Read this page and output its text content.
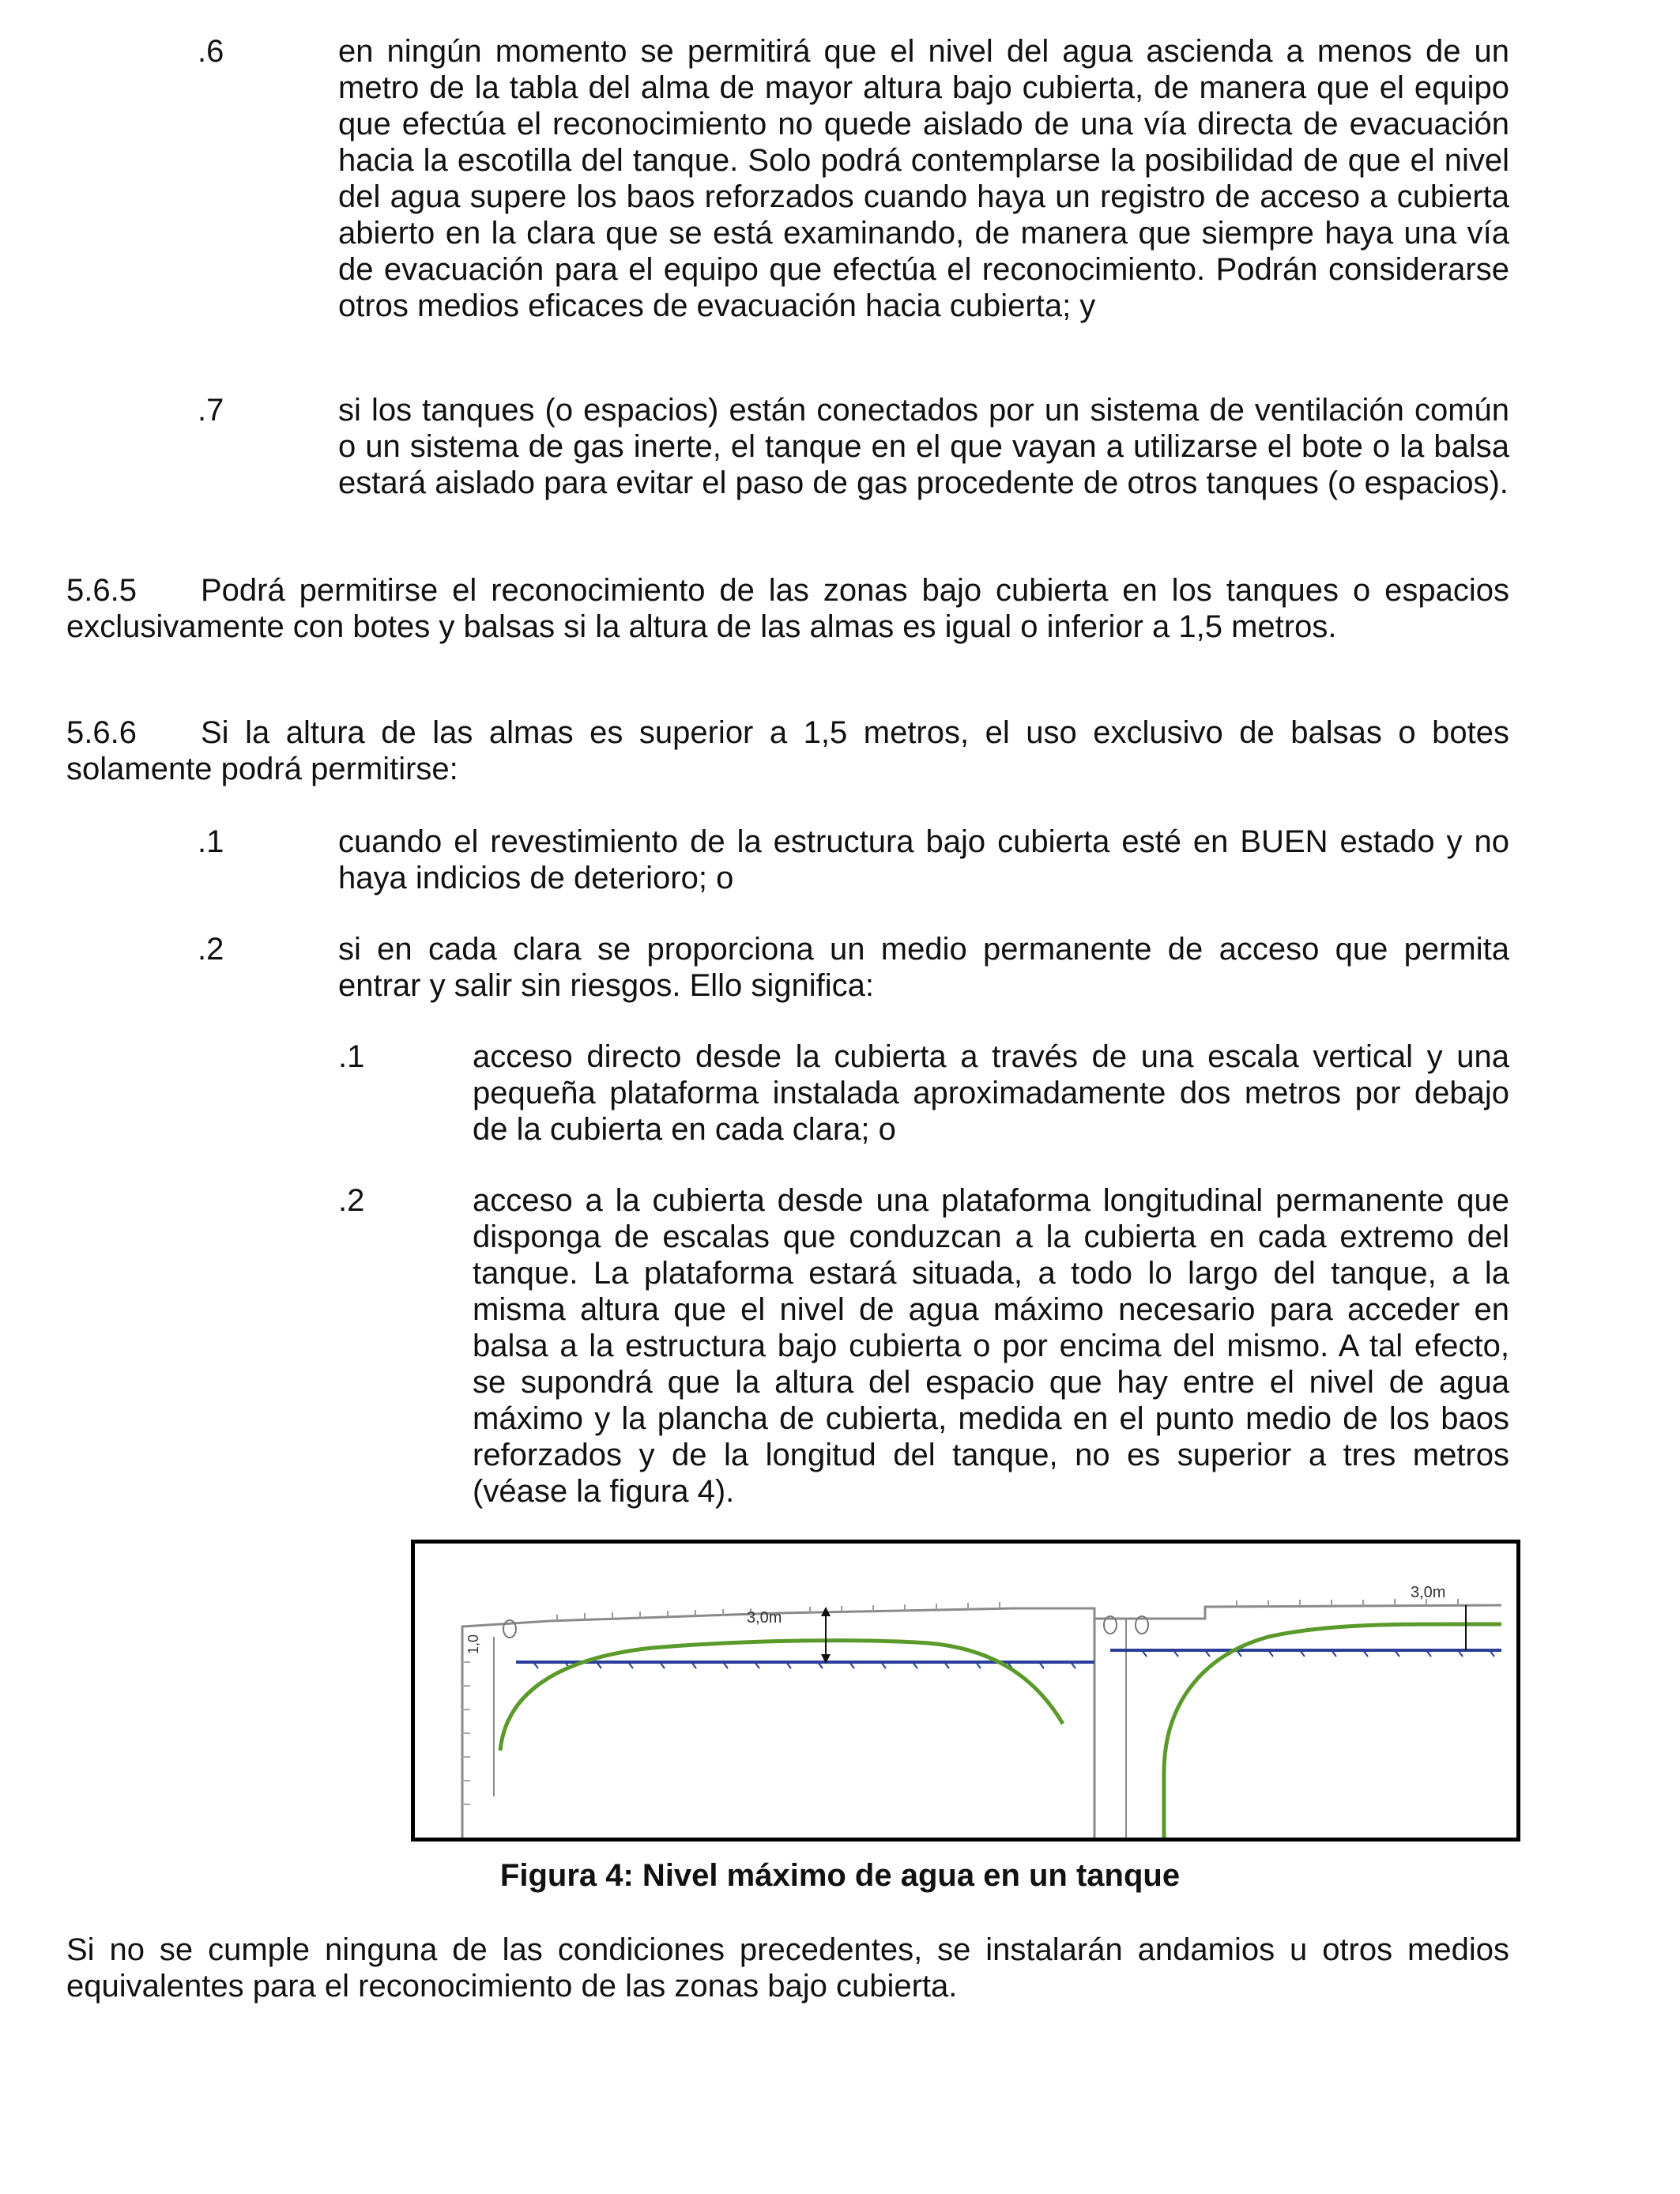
.6	en ningún momento se permitirá que el nivel del agua ascienda a menos de un metro de la tabla del alma de mayor altura bajo cubierta, de manera que el equipo que efectúa el reconocimiento no quede aislado de una vía directa de evacuación hacia la escotilla del tanque. Solo podrá contemplarse la posibilidad de que el nivel del agua supere los baos reforzados cuando haya un registro de acceso a cubierta abierto en la clara que se está examinando, de manera que siempre haya una vía de evacuación para el equipo que efectúa el reconocimiento. Podrán considerarse otros medios eficaces de evacuación hacia cubierta; y

.7	si los tanques (o espacios) están conectados por un sistema de ventilación común o un sistema de gas inerte, el tanque en el que vayan a utilizarse el bote o la balsa estará aislado para evitar el paso de gas procedente de otros tanques (o espacios).

5.6.5 Podrá permitirse el reconocimiento de las zonas bajo cubierta en los tanques o espacios exclusivamente con botes y balsas si la altura de las almas es igual o inferior a 1,5 metros.

5.6.6 Si la altura de las almas es superior a 1,5 metros, el uso exclusivo de balsas o botes solamente podrá permitirse:

.1	cuando el revestimiento de la estructura bajo cubierta esté en BUEN estado y no haya indicios de deterioro; o

.2	si en cada clara se proporciona un medio permanente de acceso que permita entrar y salir sin riesgos. Ello significa:

.1	acceso directo desde la cubierta a través de una escala vertical y una pequeña plataforma instalada aproximadamente dos metros por debajo de la cubierta en cada clara; o

.2	acceso a la cubierta desde una plataforma longitudinal permanente que disponga de escalas que conduzcan a la cubierta en cada extremo del tanque. La plataforma estará situada, a todo lo largo del tanque, a la misma altura que el nivel de agua máximo necesario para acceder en balsa a la estructura bajo cubierta o por encima del mismo. A tal efecto, se supondrá que la altura del espacio que hay entre el nivel de agua máximo y la plancha de cubierta, medida en el punto medio de los baos reforzados y de la longitud del tanque, no es superior a tres metros (véase la figura 4).

3,0m
3,0m
1,0
Figura 4: Nivel máximo de agua en un tanque

Si no se cumple ninguna de las condiciones precedentes, se instalarán andamios u otros medios equivalentes para el reconocimiento de las zonas bajo cubierta.
